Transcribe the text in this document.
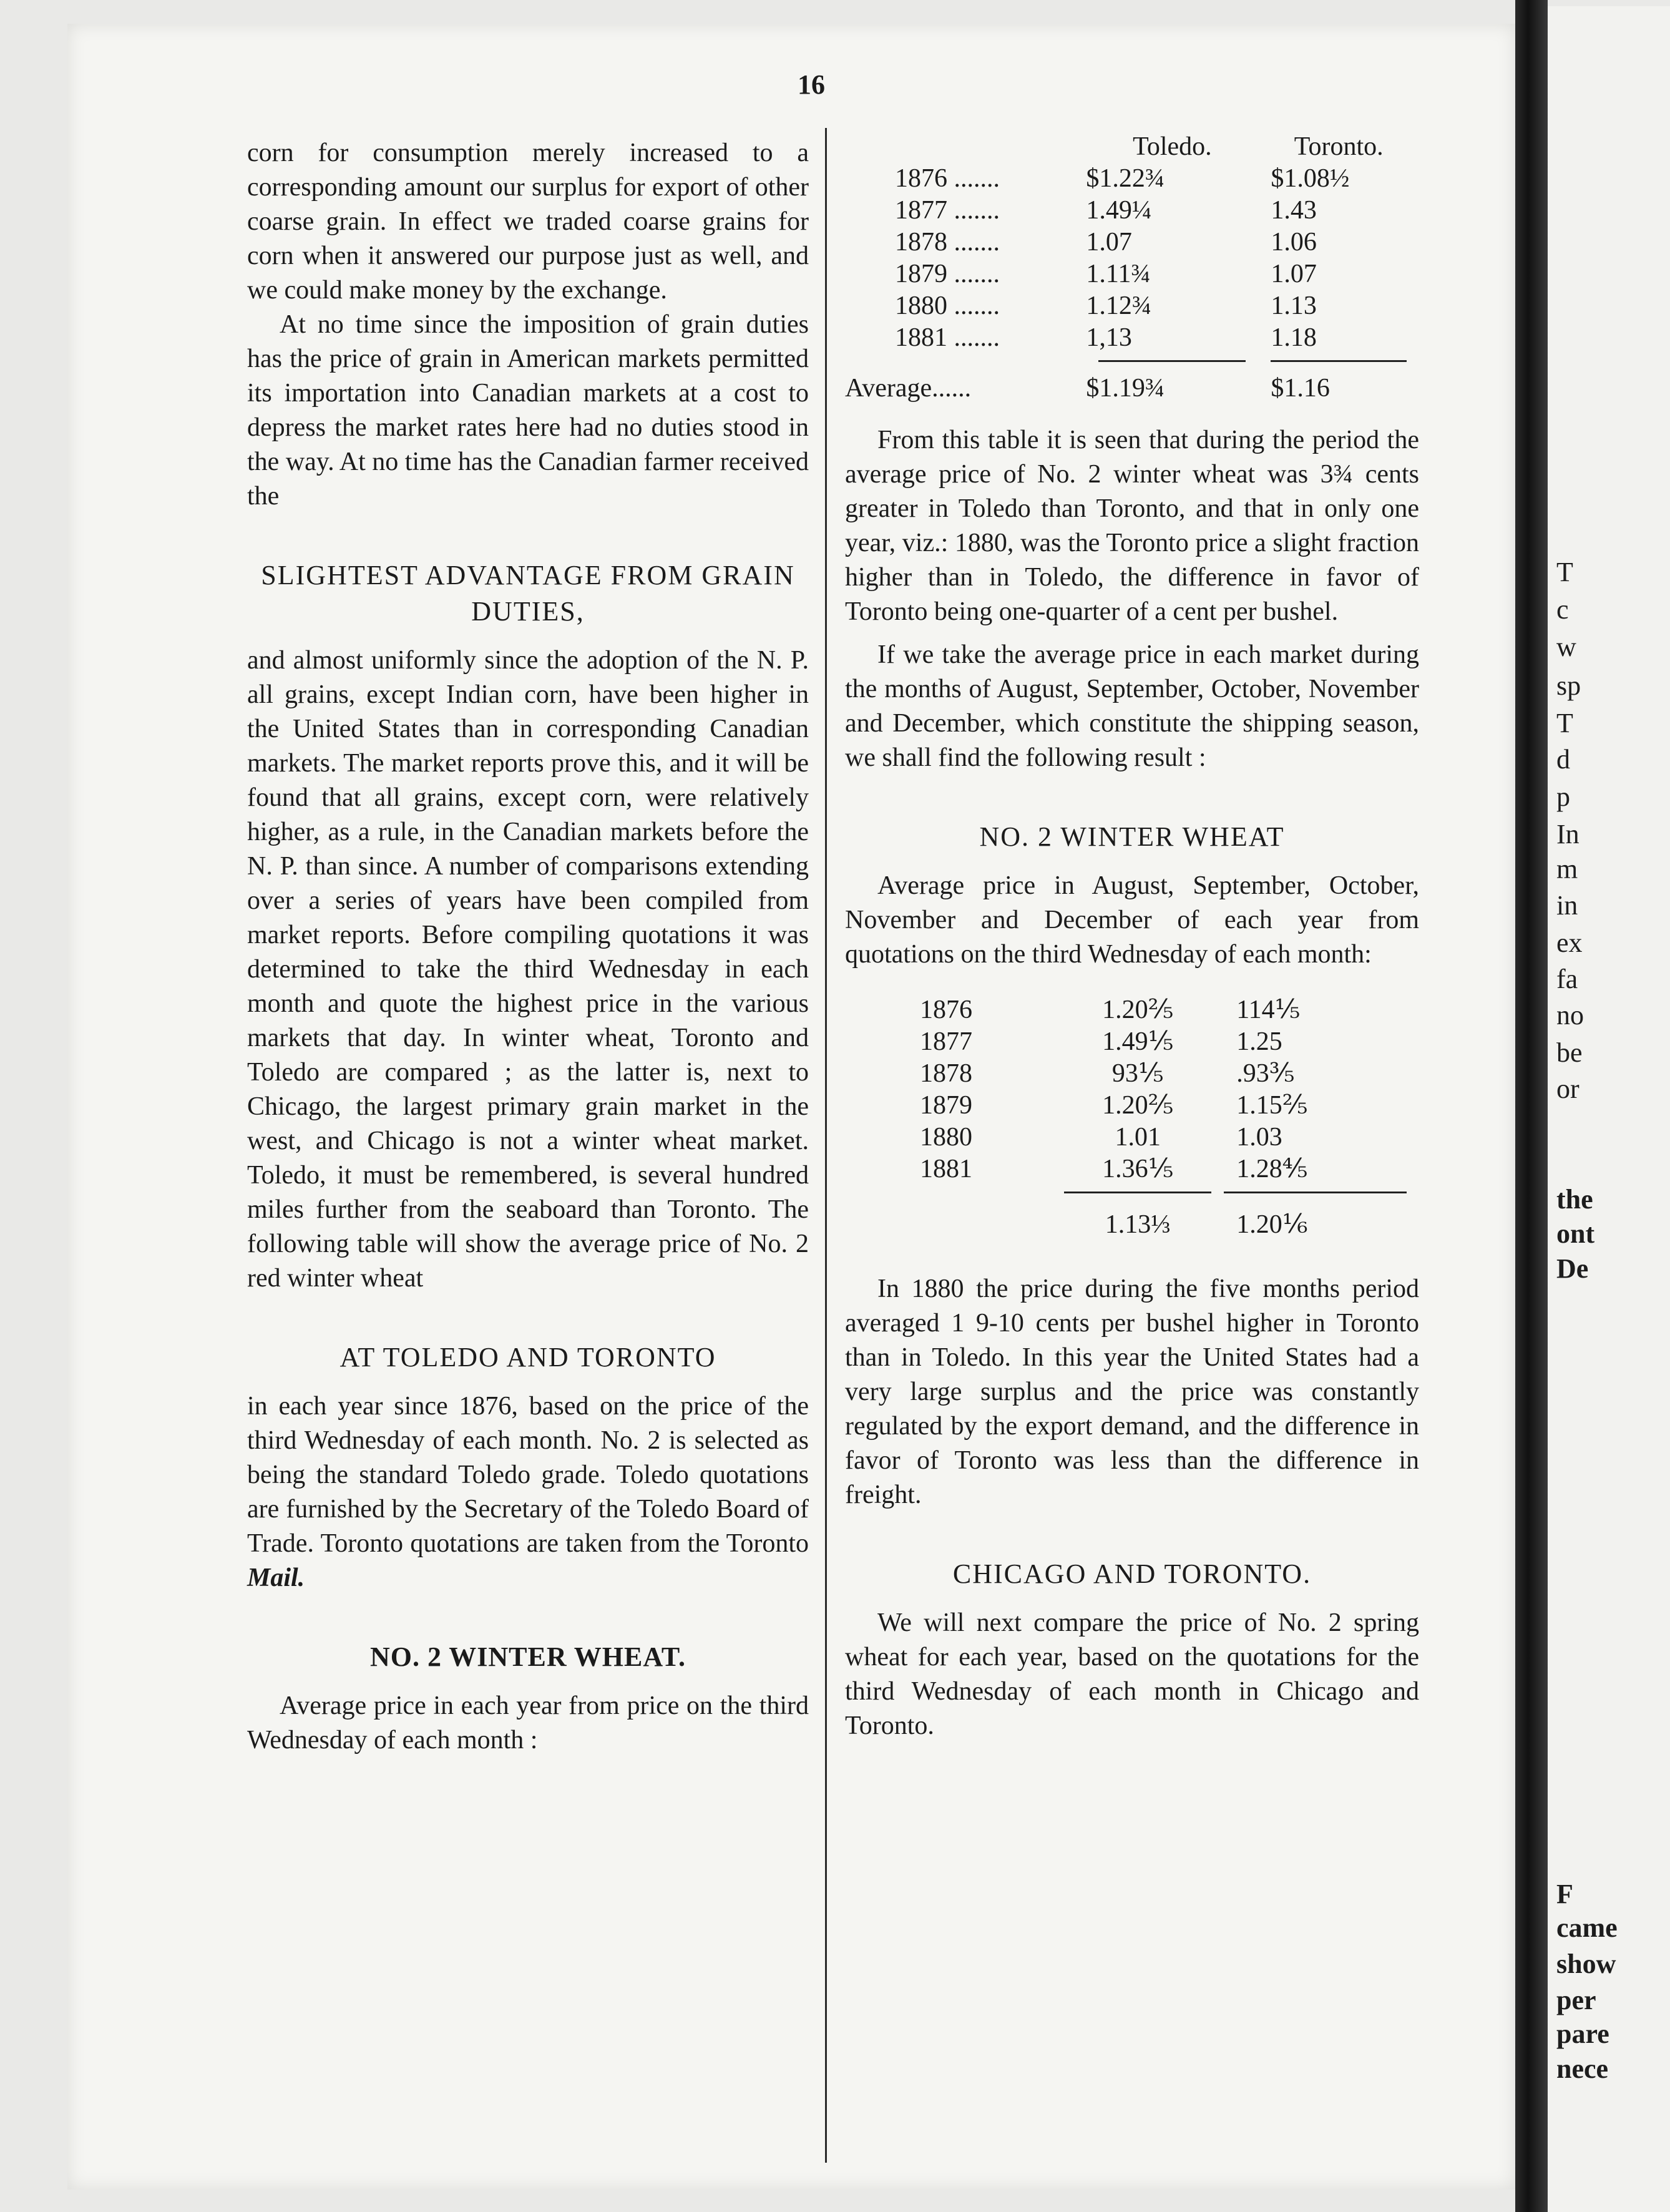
T
c
w
sp
T
d
p
In
m
in
ex
fa
no
be
or
the
ont
De
F
came
show
per
pare
nece
16

corn for consumption merely increased to a corresponding amount our surplus for export of other coarse grain. In effect we traded coarse grains for corn when it answered our purpose just as well, and we could make money by the exchange.

At no time since the imposition of grain duties has the price of grain in American markets permitted its importation into Canadian markets at a cost to depress the market rates here had no duties stood in the way. At no time has the Canadian farmer received the

SLIGHTEST ADVANTAGE FROM GRAIN DUTIES,

and almost uniformly since the adoption of the N. P. all grains, except Indian corn, have been higher in the United States than in corresponding Canadian markets. The market reports prove this, and it will be found that all grains, except corn, were relatively higher, as a rule, in the Canadian markets before the N. P. than since. A number of comparisons extending over a series of years have been compiled from market reports. Before compiling quotations it was determined to take the third Wednesday in each month and quote the highest price in the various markets that day. In winter wheat, Toronto and Toledo are compared ; as the latter is, next to Chicago, the largest primary grain market in the west, and Chicago is not a winter wheat market. Toledo, it must be remembered, is several hundred miles further from the seaboard than Toronto. The following table will show the average price of No. 2 red winter wheat

AT TOLEDO AND TORONTO

in each year since 1876, based on the price of the third Wednesday of each month. No. 2 is selected as being the standard Toledo grade. Toledo quotations are furnished by the Secretary of the Toledo Board of Trade. Toronto quotations are taken from the Toronto Mail.

NO. 2 WINTER WHEAT.

Average price in each year from price on the third Wednesday of each month :

	Toledo.	Toronto.
1876 .......	$1.22¾	$1.08½
1877 .......	1.49¼	1.43
1878 .......	1.07	1.06
1879 .......	1.11¾	1.07
1880 .......	1.12¾	1.13
1881 .......	1,13	1.18

Average......	$1.19¾	$1.16

From this table it is seen that during the period the average price of No. 2 winter wheat was 3¾ cents greater in Toledo than Toronto, and that in only one year, viz.: 1880, was the Toronto price a slight fraction higher than in Toledo, the difference in favor of Toronto being one-quarter of a cent per bushel.

If we take the average price in each market during the months of August, September, October, November and December, which constitute the shipping season, we shall find the following result :

NO. 2 WINTER WHEAT

Average price in August, September, October, November and December of each year from quotations on the third Wednesday of each month:

1876	1.20⅖	114⅕
1877	1.49⅕	1.25
1878	93⅕	.93⅗
1879	1.20⅖	1.15⅖
1880	1.01	1.03
1881	1.36⅕	1.28⅘

	1.13⅓	1.20⅙

In 1880 the price during the five months period averaged 1 9-10 cents per bushel higher in Toronto than in Toledo. In this year the United States had a very large surplus and the price was constantly regulated by the export demand, and the difference in favor of Toronto was less than the difference in freight.

CHICAGO AND TORONTO.

We will next compare the price of No. 2 spring wheat for each year, based on the quotations for the third Wednesday of each month in Chicago and Toronto.
